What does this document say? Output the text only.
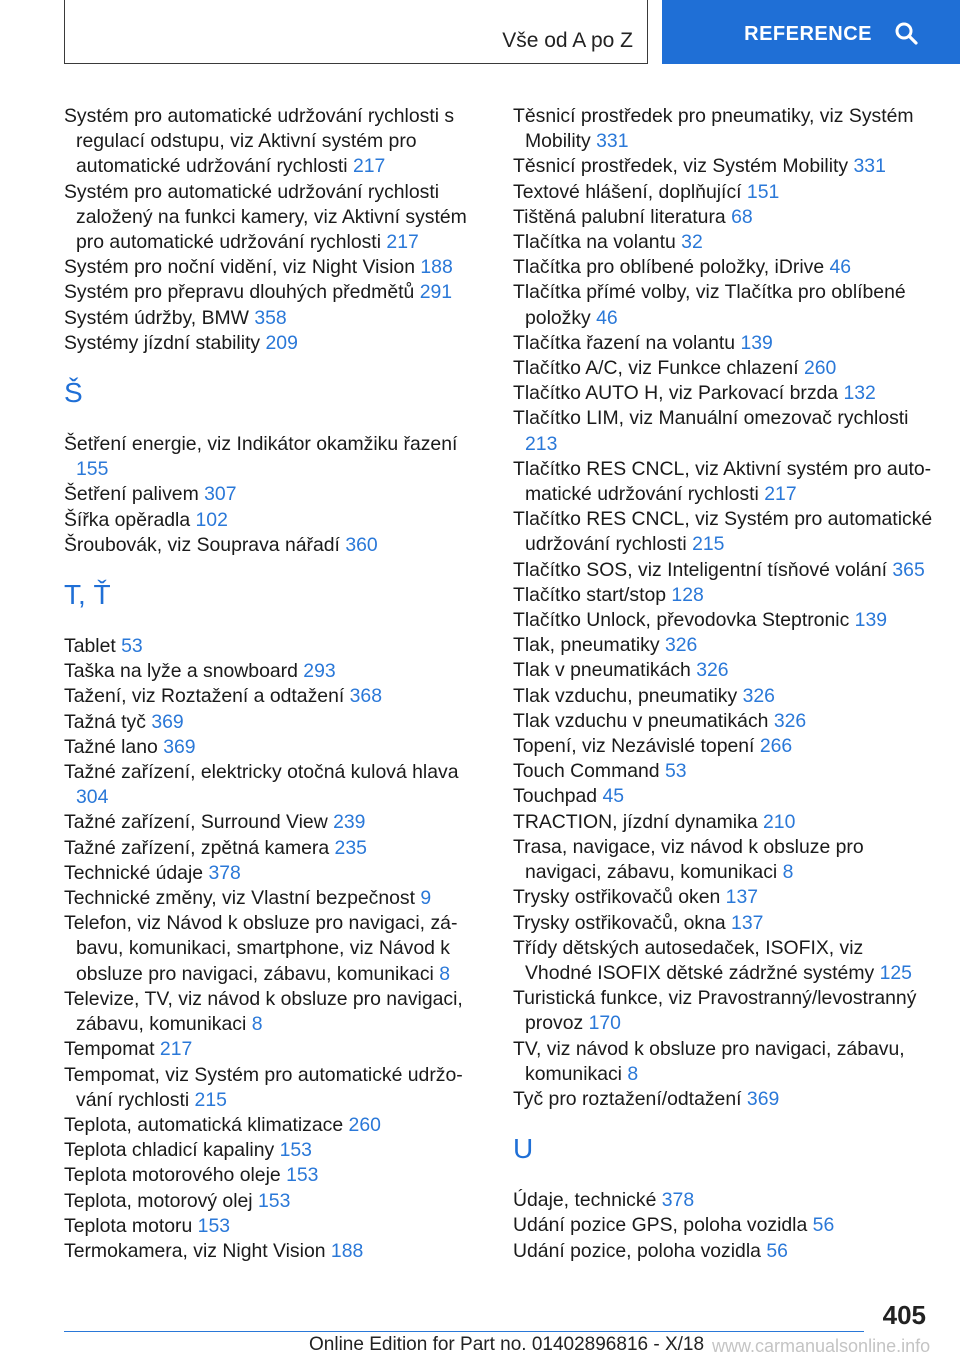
Vše od A po Z	REFERENCE

Systém pro automatické udržování rychlosti s regulací odstupu, viz Aktivní systém pro automatické udržování rychlosti 217

Systém pro automatické udržování rychlosti založený na funkci kamery, viz Aktivní systém pro automatické udržování rychlosti 217

Systém pro noční vidění, viz Night Vision 188

Systém pro přepravu dlouhých předmětů 291

Systém údržby, BMW 358

Systémy jízdní stability 209

Š

Šetření energie, viz Indikátor okamžiku řazení 155

Šetření palivem 307

Šířka opěradla 102

Šroubovák, viz Souprava nářadí 360

T, Ť

Tablet 53

Taška na lyže a snowboard 293

Tažení, viz Roztažení a odtažení 368

Tažná tyč 369

Tažné lano 369

Tažné zařízení, elektricky otočná kulová hlava 304

Tažné zařízení, Surround View 239

Tažné zařízení, zpětná kamera 235

Technické údaje 378

Technické změny, viz Vlastní bezpečnost 9

Telefon, viz Návod k obsluze pro navigaci, zábavu, komunikaci, smartphone, viz Návod k obsluze pro navigaci, zábavu, komunikaci 8

Televize, TV, viz návod k obsluze pro navigaci, zábavu, komunikaci 8

Tempomat 217

Tempomat, viz Systém pro automatické udržování rychlosti 215

Teplota, automatická klimatizace 260

Teplota chladicí kapaliny 153

Teplota motorového oleje 153

Teplota, motorový olej 153

Teplota motoru 153

Termokamera, viz Night Vision 188

Těsnicí prostředek pro pneumatiky, viz Systém Mobility 331

Těsnicí prostředek, viz Systém Mobility 331

Textové hlášení, doplňující 151

Tištěná palubní literatura 68

Tlačítka na volantu 32

Tlačítka pro oblíbené položky, iDrive 46

Tlačítka přímé volby, viz Tlačítka pro oblíbené položky 46

Tlačítka řazení na volantu 139

Tlačítko A/C, viz Funkce chlazení 260

Tlačítko AUTO H, viz Parkovací brzda 132

Tlačítko LIM, viz Manuální omezovač rychlosti 213

Tlačítko RES CNCL, viz Aktivní systém pro automatické udržování rychlosti 217

Tlačítko RES CNCL, viz Systém pro automatické udržování rychlosti 215

Tlačítko SOS, viz Inteligentní tísňové volání 365

Tlačítko start/stop 128

Tlačítko Unlock, převodovka Steptronic 139

Tlak, pneumatiky 326

Tlak v pneumatikách 326

Tlak vzduchu, pneumatiky 326

Tlak vzduchu v pneumatikách 326

Topení, viz Nezávislé topení 266

Touch Command 53

Touchpad 45

TRACTION, jízdní dynamika 210

Trasa, navigace, viz návod k obsluze pro navigaci, zábavu, komunikaci 8

Trysky ostřikovačů oken 137

Trysky ostřikovačů, okna 137

Třídy dětských autosedaček, ISOFIX, viz Vhodné ISOFIX dětské zádržné systémy 125

Turistická funkce, viz Pravostranný/levostranný provoz 170

TV, viz návod k obsluze pro navigaci, zábavu, komunikaci 8

Tyč pro roztažení/odtažení 369

U

Údaje, technické 378

Udání pozice GPS, poloha vozidla 56

Udání pozice, poloha vozidla 56

405
Online Edition for Part no. 01402896816 - X/18 www.carmanualsonline.info
